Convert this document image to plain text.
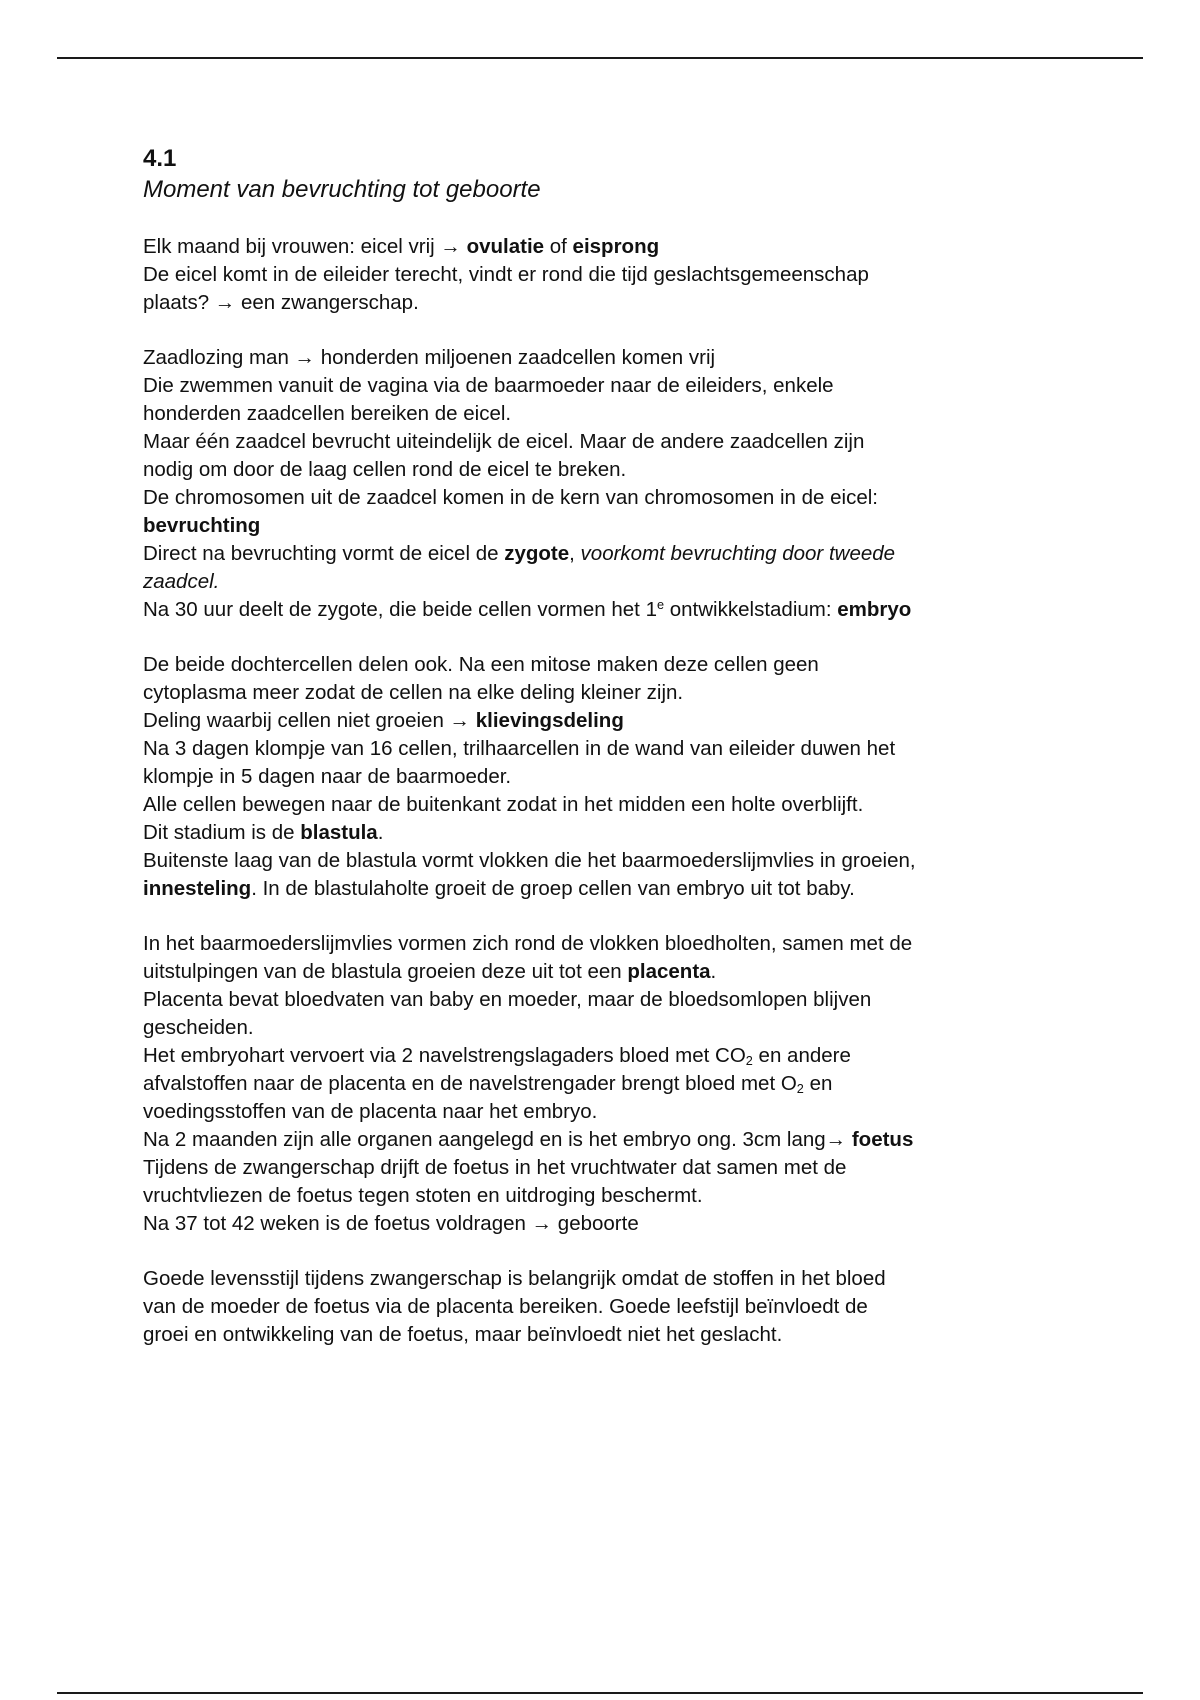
4.1
Moment van bevruchting tot geboorte
Elk maand bij vrouwen: eicel vrij → ovulatie of eisprong
De eicel komt in de eileider terecht, vindt er rond die tijd geslachtsgemeenschap
plaats? → een zwangerschap.
Zaadlozing man → honderden miljoenen zaadcellen komen vrij
Die zwemmen vanuit de vagina via de baarmoeder naar de eileiders, enkele
honderden zaadcellen bereiken de eicel.
Maar één zaadcel bevrucht uiteindelijk de eicel. Maar de andere zaadcellen zijn
nodig om door de laag cellen rond de eicel te breken.
De chromosomen uit de zaadcel komen in de kern van chromosomen in de eicel:
bevruchting
Direct na bevruchting vormt de eicel de zygote, voorkomt bevruchting door tweede
zaadcel.
Na 30 uur deelt de zygote, die beide cellen vormen het 1e ontwikkelstadium: embryo
De beide dochtercellen delen ook. Na een mitose maken deze cellen geen
cytoplasma meer zodat de cellen na elke deling kleiner zijn.
Deling waarbij cellen niet groeien → klievingsdeling
Na 3 dagen klompje van 16 cellen, trilhaarcellen in de wand van eileider duwen het
klompje in 5 dagen naar de baarmoeder.
Alle cellen bewegen naar de buitenkant zodat in het midden een holte overblijft.
Dit stadium is de blastula.
Buitenste laag van de blastula vormt vlokken die het baarmoederslijmvlies in groeien,
innesteling. In de blastulaholte groeit de groep cellen van embryo uit tot baby.
In het baarmoederslijmvlies vormen zich rond de vlokken bloedholten, samen met de
uitstulpingen van de blastula groeien deze uit tot een placenta.
Placenta bevat bloedvaten van baby en moeder, maar de bloedsomlopen blijven
gescheiden.
Het embryohart vervoert via 2 navelstrengslagaders bloed met $CO_2$ en andere
afvalstoffen naar de placenta en de navelstrengader brengt bloed met $O_2$ en
voedingsstoffen van de placenta naar het embryo.
Na 2 maanden zijn alle organen aangelegd en is het embryo ong. 3cm lang→ foetus
Tijdens de zwangerschap drijft de foetus in het vruchtwater dat samen met de
vruchtvliezen de foetus tegen stoten en uitdroging beschermt.
Na 37 tot 42 weken is de foetus voldragen → geboorte
Goede levensstijl tijdens zwangerschap is belangrijk omdat de stoffen in het bloed
van de moeder de foetus via de placenta bereiken. Goede leefstijl beïnvloedt de
groei en ontwikkeling van de foetus, maar beïnvloedt niet het geslacht.
